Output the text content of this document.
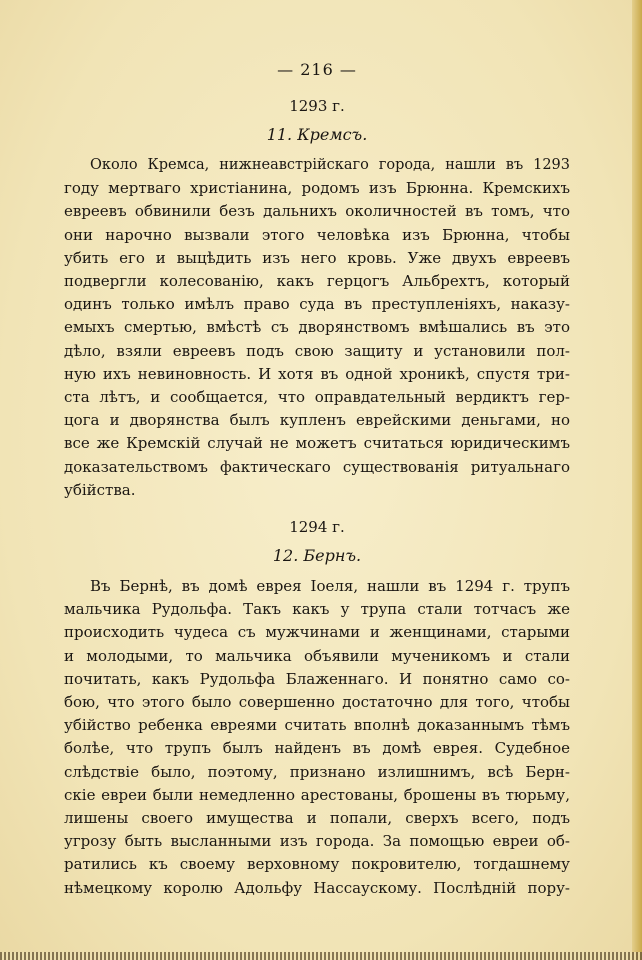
— 216 —
1293 г.
11. Кремсъ.
Около Кремса, нижнеавстрійскаго города, нашли въ 1293
году мертваго христіанина, родомъ изъ Брюнна. Кремскихъ
евреевъ обвинили безъ дальнихъ околичностей въ томъ, что
они нарочно вызвали этого человѣка изъ Брюнна, чтобы
убить его и выцѣдить изъ него кровь. Уже двухъ евреевъ
подвергли колесованію, какъ герцогъ Альбрехтъ, который
одинъ только имѣлъ право суда въ преступленіяхъ, наказу-
емыхъ смертью, вмѣстѣ съ дворянствомъ вмѣшались въ это
дѣло, взяли евреевъ подъ свою защиту и установили пол-
ную ихъ невиновность. И хотя въ одной хроникѣ, спустя три-
ста лѣтъ, и сообщается, что оправдательный вердиктъ гер-
цога и дворянства былъ купленъ еврейскими деньгами, но
все же Кремскій случай не можетъ считаться юридическимъ
доказательствомъ фактическаго существованія ритуальнаго
убійства.
1294 г.
12. Бернъ.
Въ Бернѣ, въ домѣ еврея Іоеля, нашли въ 1294 г. трупъ
мальчика Рудольфа. Такъ какъ у трупа стали тотчасъ же
происходить чудеса съ мужчинами и женщинами, старыми
и молодыми, то мальчика объявили мученикомъ и стали
почитать, какъ Рудольфа Блаженнаго. И понятно само со-
бою, что этого было совершенно достаточно для того, чтобы
убійство ребенка евреями считать вполнѣ доказаннымъ тѣмъ
болѣе, что трупъ былъ найденъ въ домѣ еврея. Судебное
слѣдствіе было, поэтому, признано излишнимъ, всѣ Берн-
скіе евреи были немедленно арестованы, брошены въ тюрьму,
лишены своего имущества и попали, сверхъ всего, подъ
угрозу быть высланными изъ города. За помощью евреи об-
ратились къ своему верховному покровителю, тогдашнему
нѣмецкому королю Адольфу Нассаускому. Послѣдній пору-
